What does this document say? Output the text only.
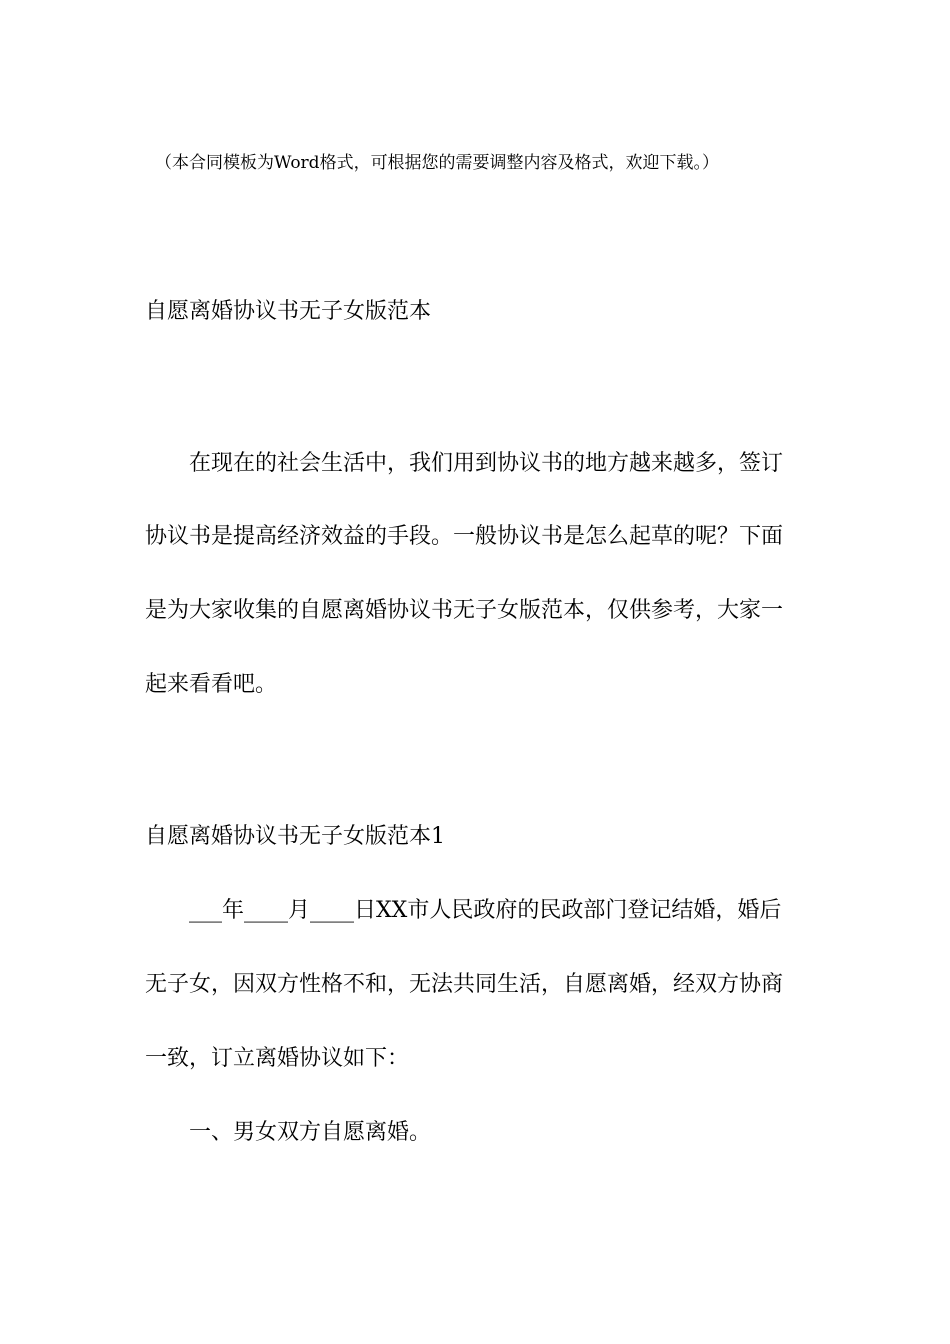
（本合同模板为Word格式，可根据您的需要调整内容及格式，欢迎下载。）
自愿离婚协议书无子女版范本
在现在的社会生活中，我们用到协议书的地方越来越多，签订
协议书是提高经济效益的手段。一般协议书是怎么起草的呢？下面
是为大家收集的自愿离婚协议书无子女版范本，仅供参考，大家一
起来看看吧。
自愿离婚协议书无子女版范本1
___年____月____日XX市人民政府的民政部门登记结婚，婚后
无子女，因双方性格不和，无法共同生活，自愿离婚，经双方协商
一致，订立离婚协议如下：
一、男女双方自愿离婚。
